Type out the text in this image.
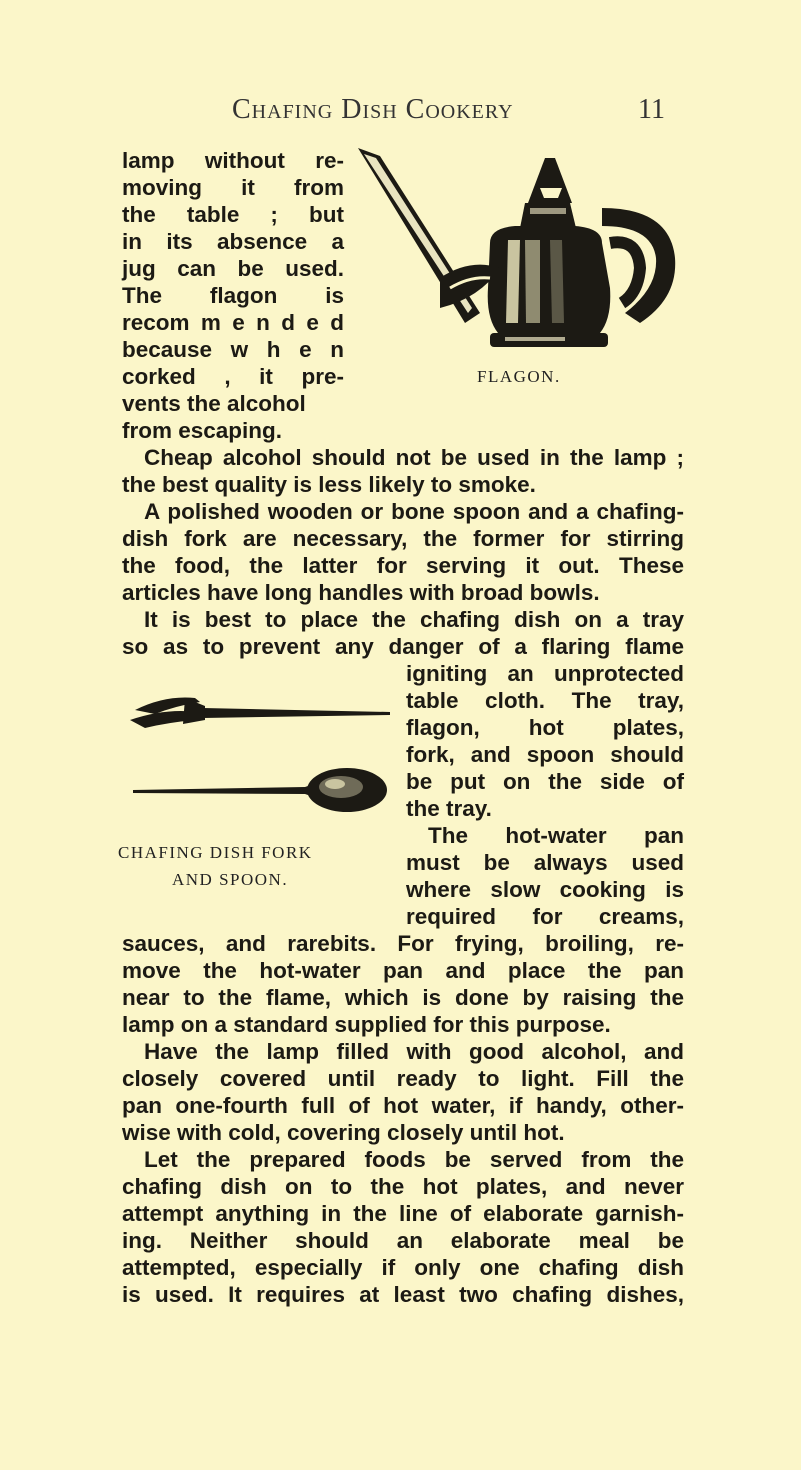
Chafing Dish Cookery	11
FLAGON.
CHAFING DISH FORK
AND SPOON.
lamp without re-
moving it from
the table ; but
in its absence a
jug can be used.
The flagon is
recom m e n d e d
because w h e n
corked , it pre-
vents the alcohol
from escaping.
Cheap alcohol should not be used in the lamp ;
the best quality is less likely to smoke.
A polished wooden or bone spoon and a chafing-
dish fork are necessary, the former for stirring
the food, the latter for serving it out. These
articles have long handles with broad bowls.
It is best to place the chafing dish on a tray
so as to prevent any danger of a flaring flame
igniting an unprotected
table cloth. The tray,
flagon, hot plates,
fork, and spoon should
be put on the side of
the tray.
The hot-water pan
must be always used
where slow cooking is
required for creams,
sauces, and rarebits. For frying, broiling, re-
move the hot-water pan and place the pan
near to the flame, which is done by raising the
lamp on a standard supplied for this purpose.
Have the lamp filled with good alcohol, and
closely covered until ready to light. Fill the
pan one-fourth full of hot water, if handy, other-
wise with cold, covering closely until hot.
Let the prepared foods be served from the
chafing dish on to the hot plates, and never
attempt anything in the line of elaborate garnish-
ing. Neither should an elaborate meal be
attempted, especially if only one chafing dish
is used. It requires at least two chafing dishes,
